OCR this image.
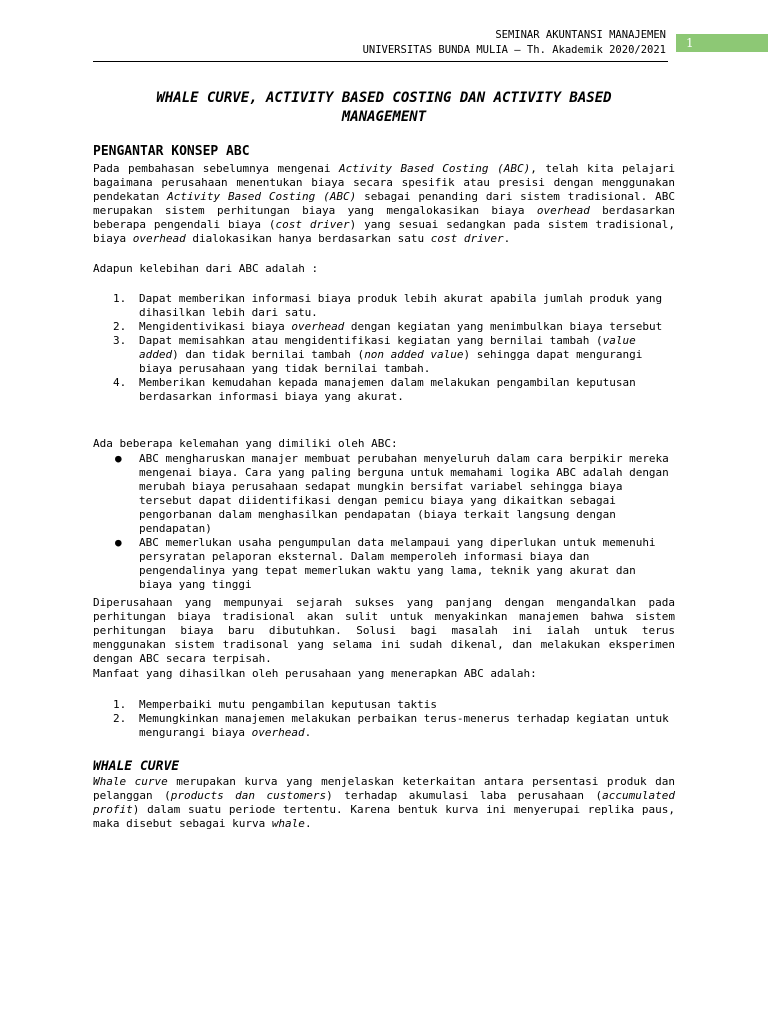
SEMINAR AKUNTANSI MANAJEMEN
UNIVERSITAS BUNDA MULIA – Th. Akademik 2020/2021	1
WHALE CURVE, ACTIVITY BASED COSTING DAN ACTIVITY BASED
MANAGEMENT
PENGANTAR KONSEP ABC
Pada pembahasan sebelumnya mengenai Activity Based Costing (ABC), telah kita pelajari bagaimana perusahaan menentukan biaya secara spesifik atau presisi dengan menggunakan pendekatan Activity Based Costing (ABC) sebagai penanding dari sistem tradisional. ABC merupakan sistem perhitungan biaya yang mengalokasikan biaya overhead berdasarkan beberapa pengendali biaya (cost driver) yang sesuai sedangkan pada sistem tradisional, biaya overhead dialokasikan hanya berdasarkan satu cost driver.
Adapun kelebihan dari ABC adalah :
1. Dapat memberikan informasi biaya produk lebih akurat apabila jumlah produk yang dihasilkan lebih dari satu.
2. Mengidentivikasi biaya overhead dengan kegiatan yang menimbulkan biaya tersebut
3. Dapat memisahkan atau mengidentifikasi kegiatan yang bernilai tambah (value added) dan tidak bernilai tambah (non added value) sehingga dapat mengurangi biaya perusahaan yang tidak bernilai tambah.
4. Memberikan kemudahan kepada manajemen dalam melakukan pengambilan keputusan berdasarkan informasi biaya yang akurat.
Ada beberapa kelemahan yang dimiliki oleh ABC:
● ABC mengharuskan manajer membuat perubahan menyeluruh dalam cara berpikir mereka mengenai biaya. Cara yang paling berguna untuk memahami logika ABC adalah dengan merubah biaya perusahaan sedapat mungkin bersifat variabel sehingga biaya tersebut dapat diidentifikasi dengan pemicu biaya yang dikaitkan sebagai pengorbanan dalam menghasilkan pendapatan (biaya terkait langsung dengan pendapatan)
● ABC memerlukan usaha pengumpulan data melampaui yang diperlukan untuk memenuhi persyratan pelaporan eksternal. Dalam memperoleh informasi biaya dan pengendalinya yang tepat memerlukan waktu yang lama, teknik yang akurat dan biaya yang tinggi
Diperusahaan yang mempunyai sejarah sukses yang panjang dengan mengandalkan pada perhitungan biaya tradisional akan sulit untuk menyakinkan manajemen bahwa sistem perhitungan biaya baru dibutuhkan. Solusi bagi masalah ini ialah untuk terus menggunakan sistem tradisonal yang selama ini sudah dikenal, dan melakukan eksperimen dengan ABC secara terpisah.
Manfaat yang dihasilkan oleh perusahaan yang menerapkan ABC adalah:
1. Memperbaiki mutu pengambilan keputusan taktis
2. Memungkinkan manajemen melakukan perbaikan terus-menerus terhadap kegiatan untuk mengurangi biaya overhead.
WHALE CURVE
Whale curve merupakan kurva yang menjelaskan keterkaitan antara persentasi produk dan pelanggan (products dan customers) terhadap akumulasi laba perusahaan (accumulated profit) dalam suatu periode tertentu. Karena bentuk kurva ini menyerupai replika paus, maka disebut sebagai kurva whale.
